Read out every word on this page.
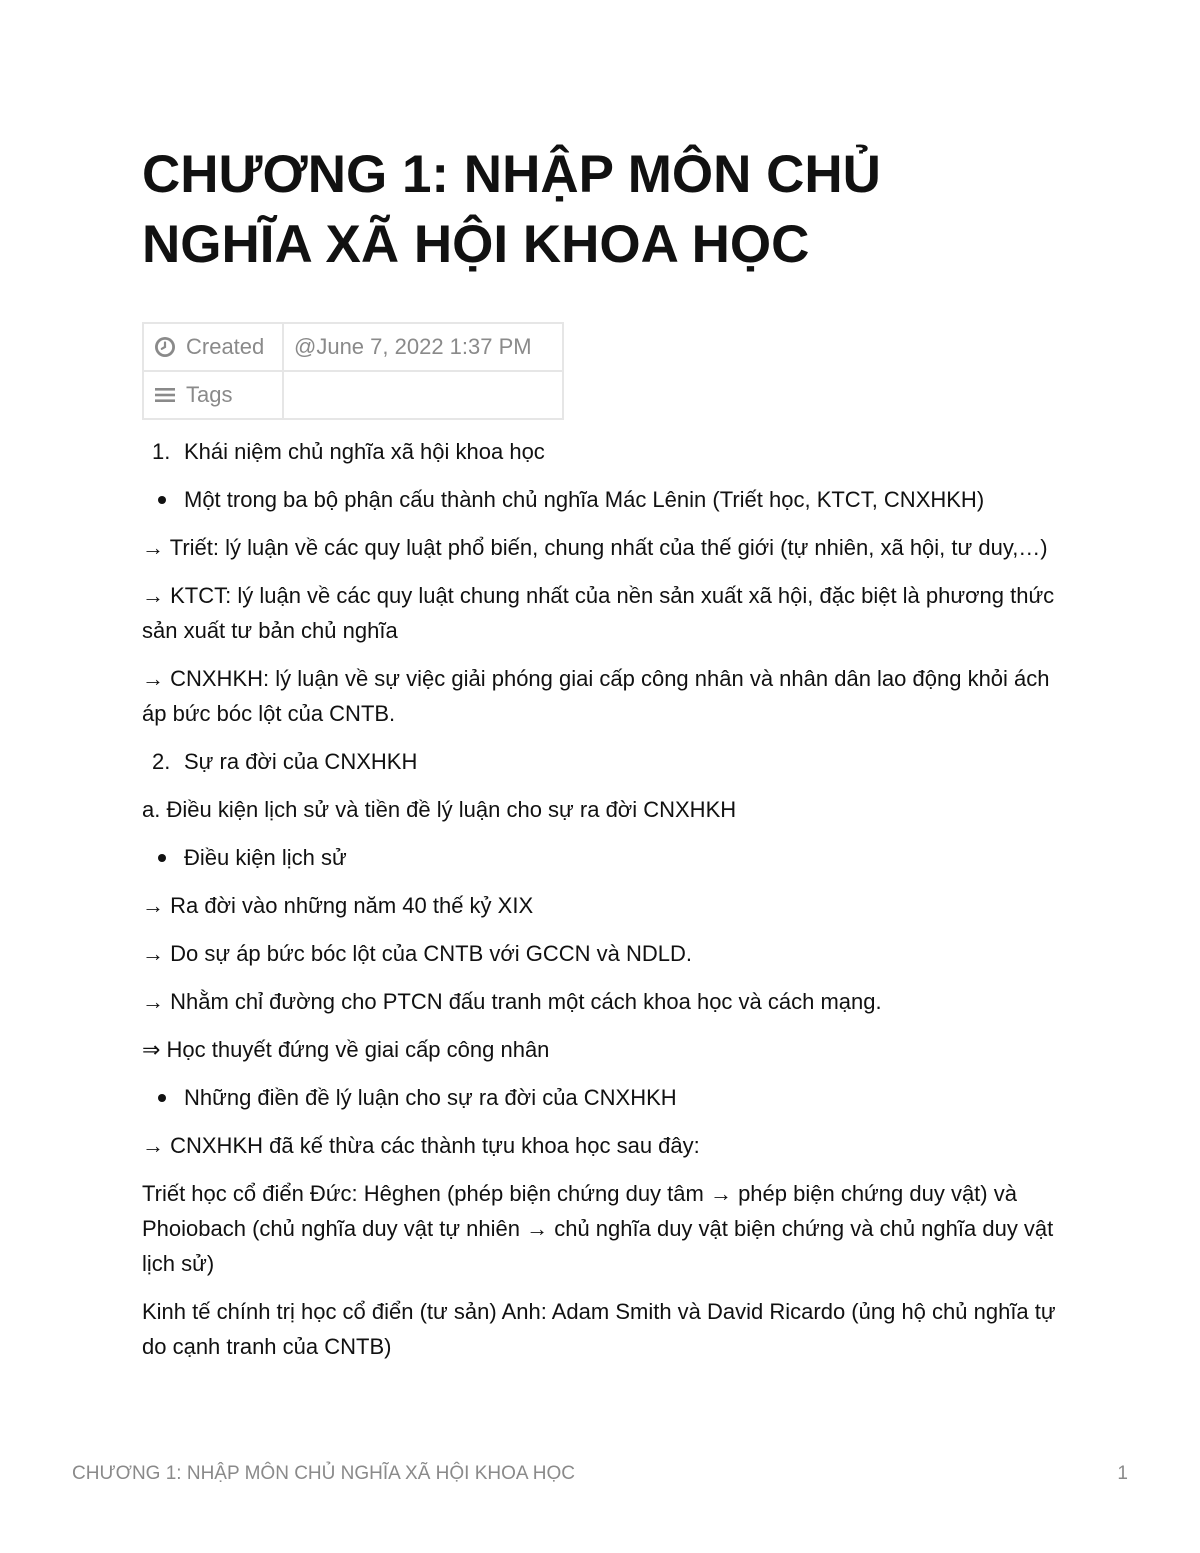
CHƯƠNG 1: NHẬP MÔN CHỦ
NGHĨA XÃ HỘI KHOA HỌC
Created	@June 7, 2022 1:37 PM
Tags	
1. Khái niệm chủ nghĩa xã hội khoa học
Một trong ba bộ phận cấu thành chủ nghĩa Mác Lênin (Triết học, KTCT, CNXHKH)

→ Triết: lý luận về các quy luật phổ biến, chung nhất của thế giới (tự nhiên, xã hội, tư duy,…)

→ KTCT: lý luận về các quy luật chung nhất của nền sản xuất xã hội, đặc biệt là phương thức sản xuất tư bản chủ nghĩa

→ CNXHKH: lý luận về sự việc giải phóng giai cấp công nhân và nhân dân lao động khỏi ách áp bức bóc lột của CNTB.

2. Sự ra đời của CNXHKH

a. Điều kiện lịch sử và tiền đề lý luận cho sự ra đời CNXHKH

Điều kiện lịch sử

→ Ra đời vào những năm 40 thế kỷ XIX

→ Do sự áp bức bóc lột của CNTB với GCCN và NDLD.

→ Nhằm chỉ đường cho PTCN đấu tranh một cách khoa học và cách mạng.

⇒ Học thuyết đứng về giai cấp công nhân

Những điền đề lý luận cho sự ra đời của CNXHKH

→ CNXHKH đã kế thừa các thành tựu khoa học sau đây:

Triết học cổ điển Đức: Hêghen (phép biện chứng duy tâm → phép biện chứng duy vật) và Phoiobach (chủ nghĩa duy vật tự nhiên → chủ nghĩa duy vật biện chứng và chủ nghĩa duy vật lịch sử)

Kinh tế chính trị học cổ điển (tư sản) Anh: Adam Smith và David Ricardo (ủng hộ chủ nghĩa tự do cạnh tranh của CNTB)

CHƯƠNG 1: NHẬP MÔN CHỦ NGHĨA XÃ HỘI KHOA HỌC	1
